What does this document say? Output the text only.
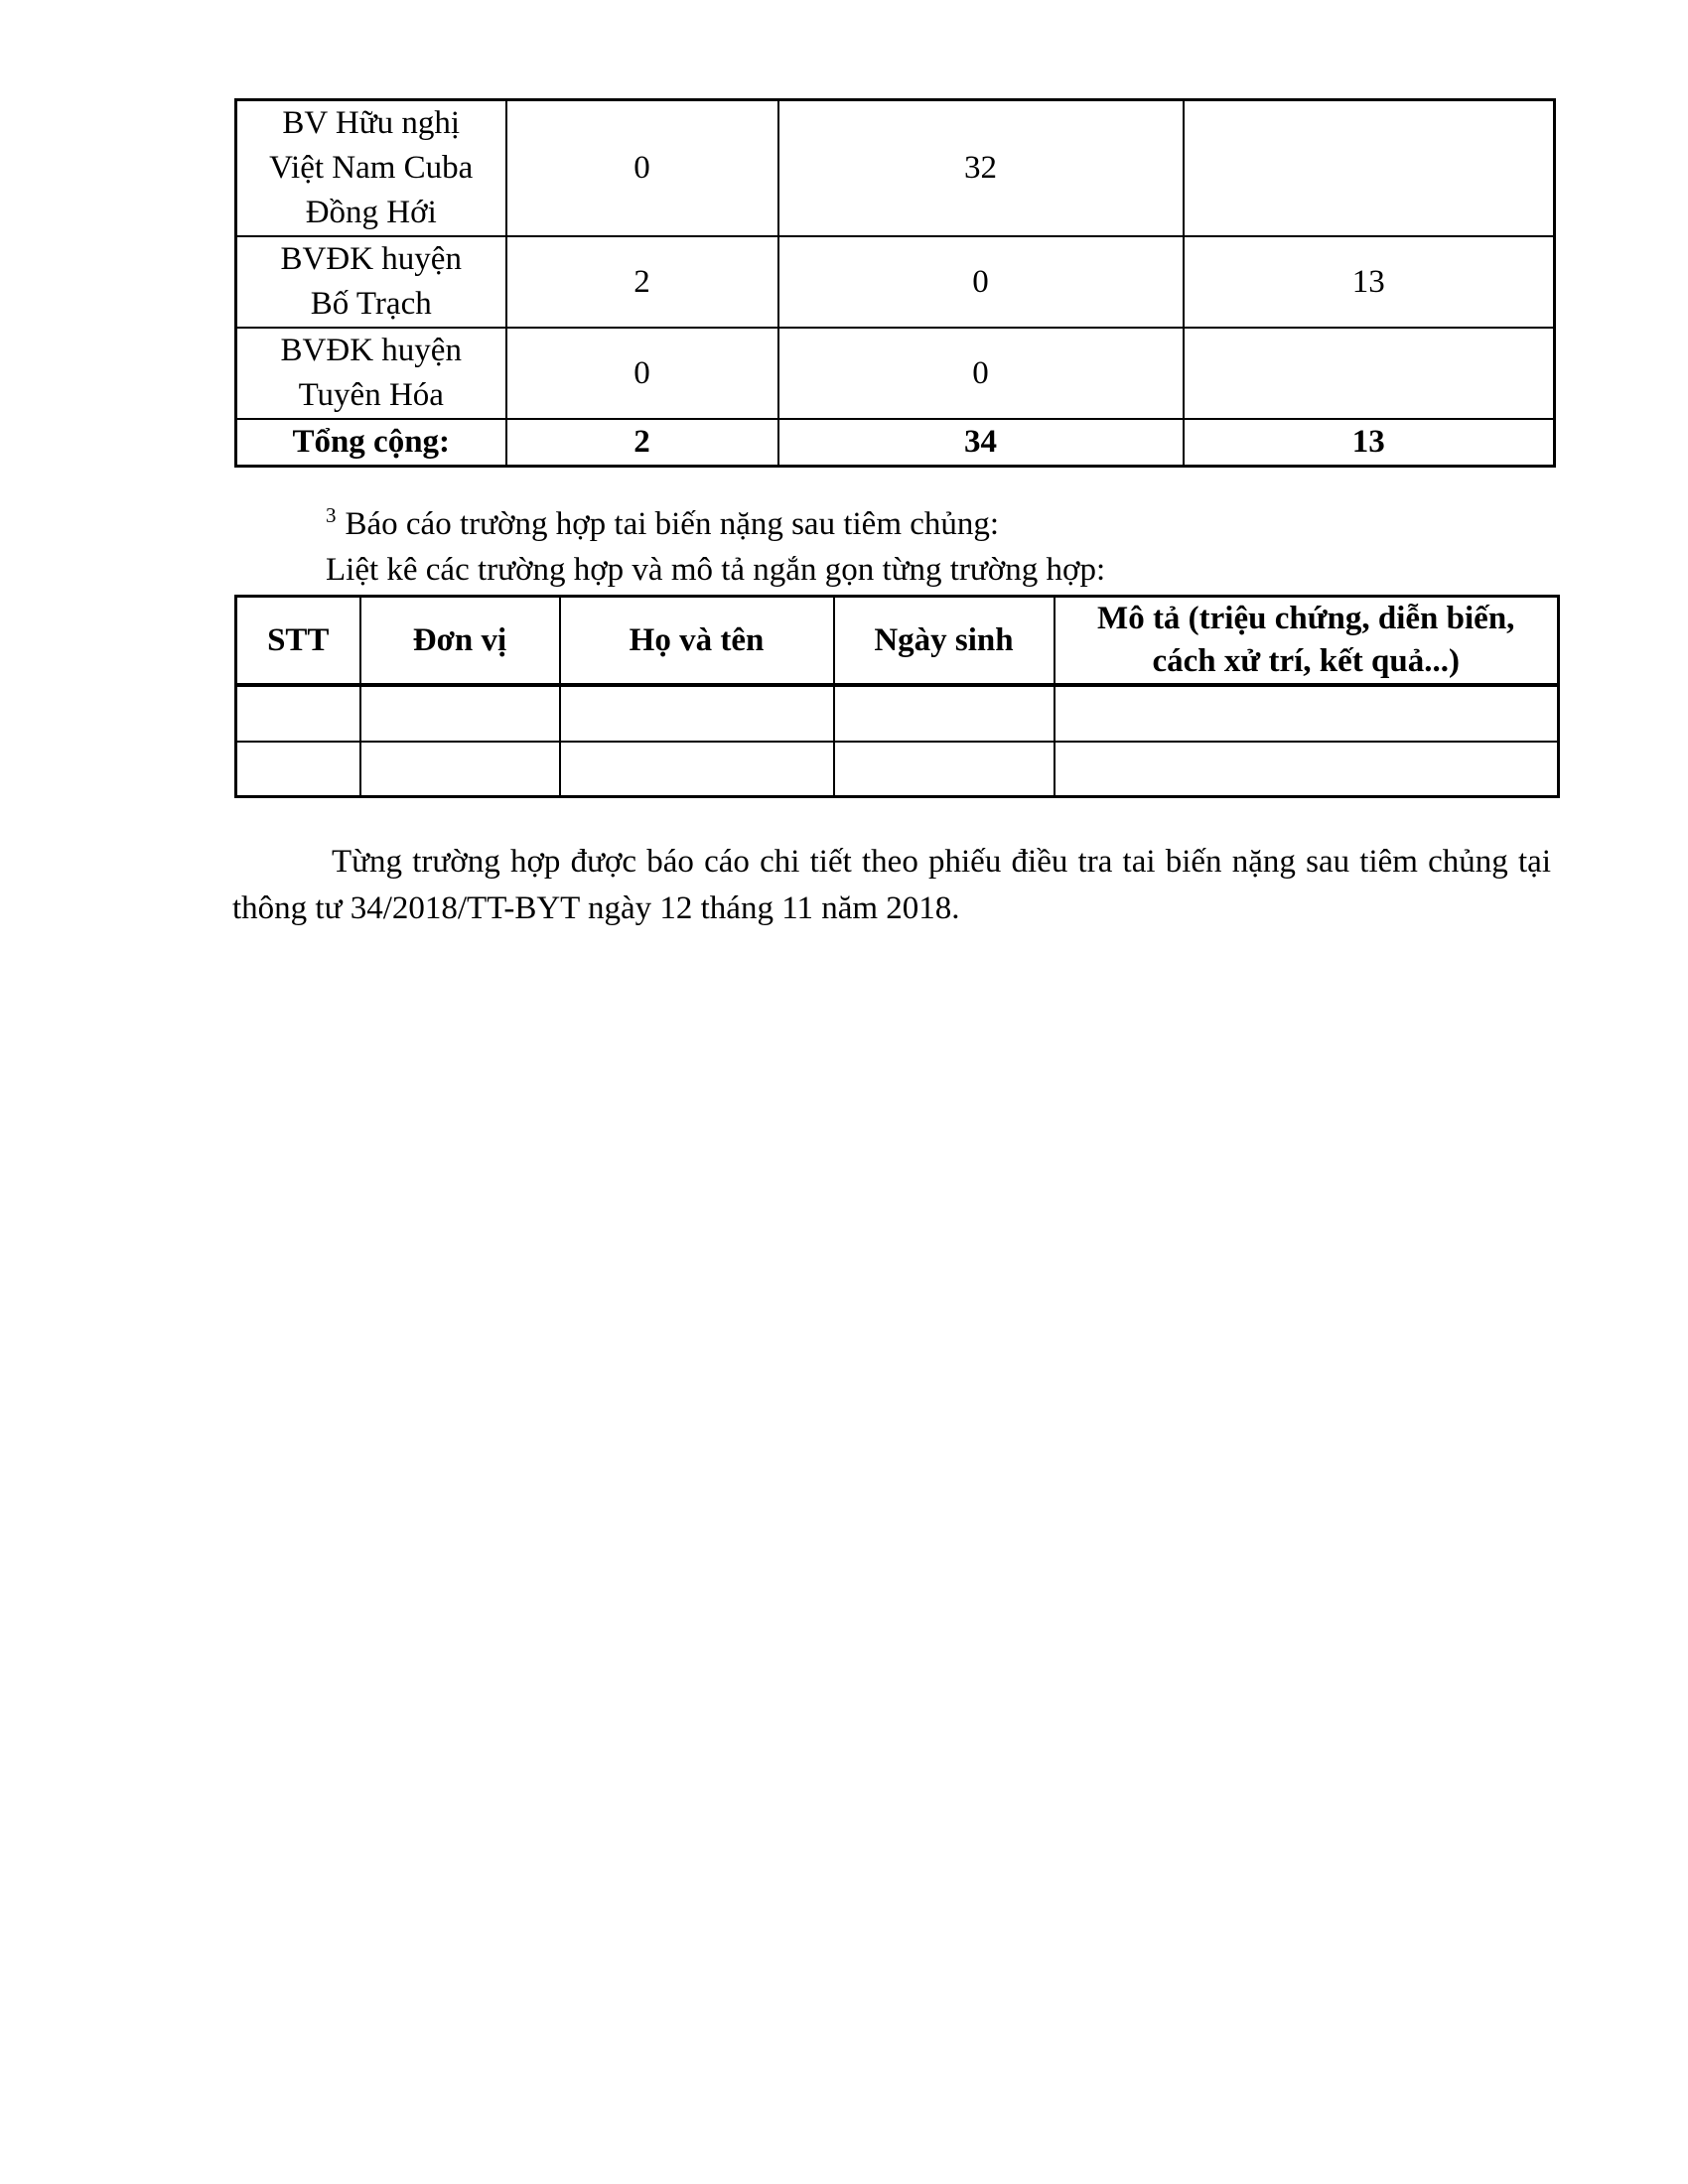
BV Hữu nghị Việt Nam Cuba Đồng Hới	0	32	
BVĐK huyện Bố Trạch	2	0	13
BVĐK huyện Tuyên Hóa	0	0	
Tổng cộng:	2	34	13

$^3$ Báo cáo trường hợp tai biến nặng sau tiêm chủng:

Liệt kê các trường hợp và mô tả ngắn gọn từng trường hợp:

STT	Đơn vị	Họ và tên	Ngày sinh	Mô tả (triệu chứng, diễn biến, cách xử trí, kết quả...)

Từng trường hợp được báo cáo chi tiết theo phiếu điều tra tai biến nặng sau tiêm chủng tại thông tư 34/2018/TT-BYT ngày 12 tháng 11 năm 2018.
